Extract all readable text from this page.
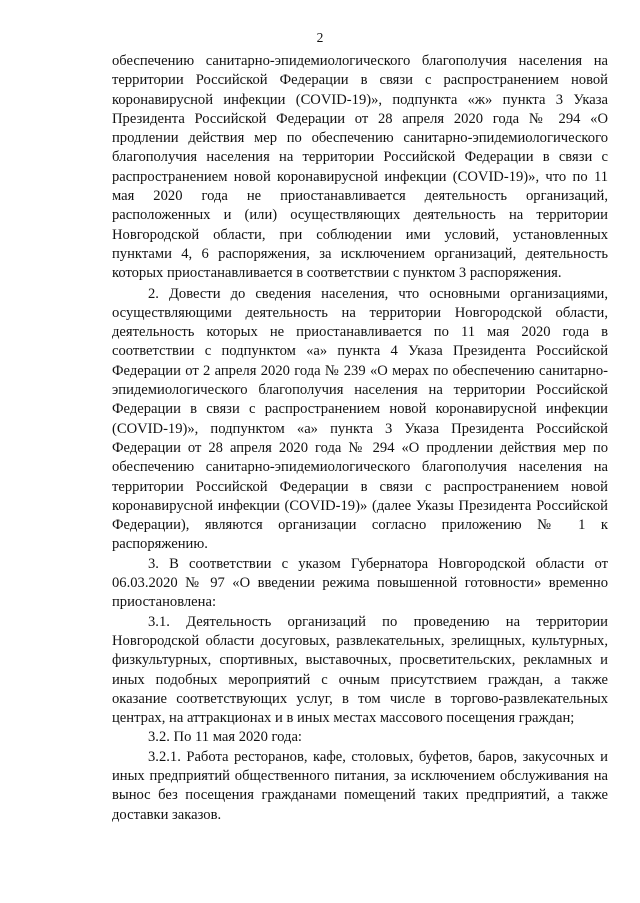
2

обеспечению санитарно-эпидемиологического благополучия населения на территории Российской Федерации в связи с распространением новой коронавирусной инфекции (COVID-19)», подпункта «ж» пункта 3 Указа Президента Российской Федерации от 28 апреля 2020 года № 294 «О продлении действия мер по обеспечению санитарно-эпидемиологического благополучия населения на территории Российской Федерации в связи с распространением новой коронавирусной инфекции (COVID-19)», что по 11 мая 2020 года не приостанавливается деятельность организаций, расположенных и (или) осуществляющих деятельность на территории Новгородской области, при соблюдении ими условий, установленных пунктами 4, 6 распоряжения, за исключением организаций, деятельность которых приостанавливается в соответствии с пунктом 3 распоряжения.

2. Довести до сведения населения, что основными организациями, осуществляющими деятельность на территории Новгородской области, деятельность которых не приостанавливается по 11 мая 2020 года в соответствии с подпунктом «а» пункта 4 Указа Президента Российской Федерации от 2 апреля 2020 года № 239 «О мерах по обеспечению санитарно-эпидемиологического благополучия населения на территории Российской Федерации в связи с распространением новой коронавирусной инфекции (COVID-19)», подпунктом «а» пункта 3 Указа Президента Российской Федерации от 28 апреля 2020 года № 294 «О продлении действия мер по обеспечению санитарно-эпидемиологического благополучия населения на территории Российской Федерации в связи с распространением новой коронавирусной инфекции (COVID-19)» (далее Указы Президента Российской Федерации), являются организации согласно приложению № 1 к распоряжению.

3. В соответствии с указом Губернатора Новгородской области от 06.03.2020 № 97 «О введении режима повышенной готовности» временно приостановлена:

3.1. Деятельность организаций по проведению на территории Новгородской области досуговых, развлекательных, зрелищных, культурных, физкультурных, спортивных, выставочных, просветительских, рекламных и иных подобных мероприятий с очным присутствием граждан, а также оказание соответствующих услуг, в том числе в торгово-развлекательных центрах, на аттракционах и в иных местах массового посещения граждан;

3.2. По 11 мая 2020 года:

3.2.1. Работа ресторанов, кафе, столовых, буфетов, баров, закусочных и иных предприятий общественного питания, за исключением обслуживания на вынос без посещения гражданами помещений таких предприятий, а также доставки заказов.
